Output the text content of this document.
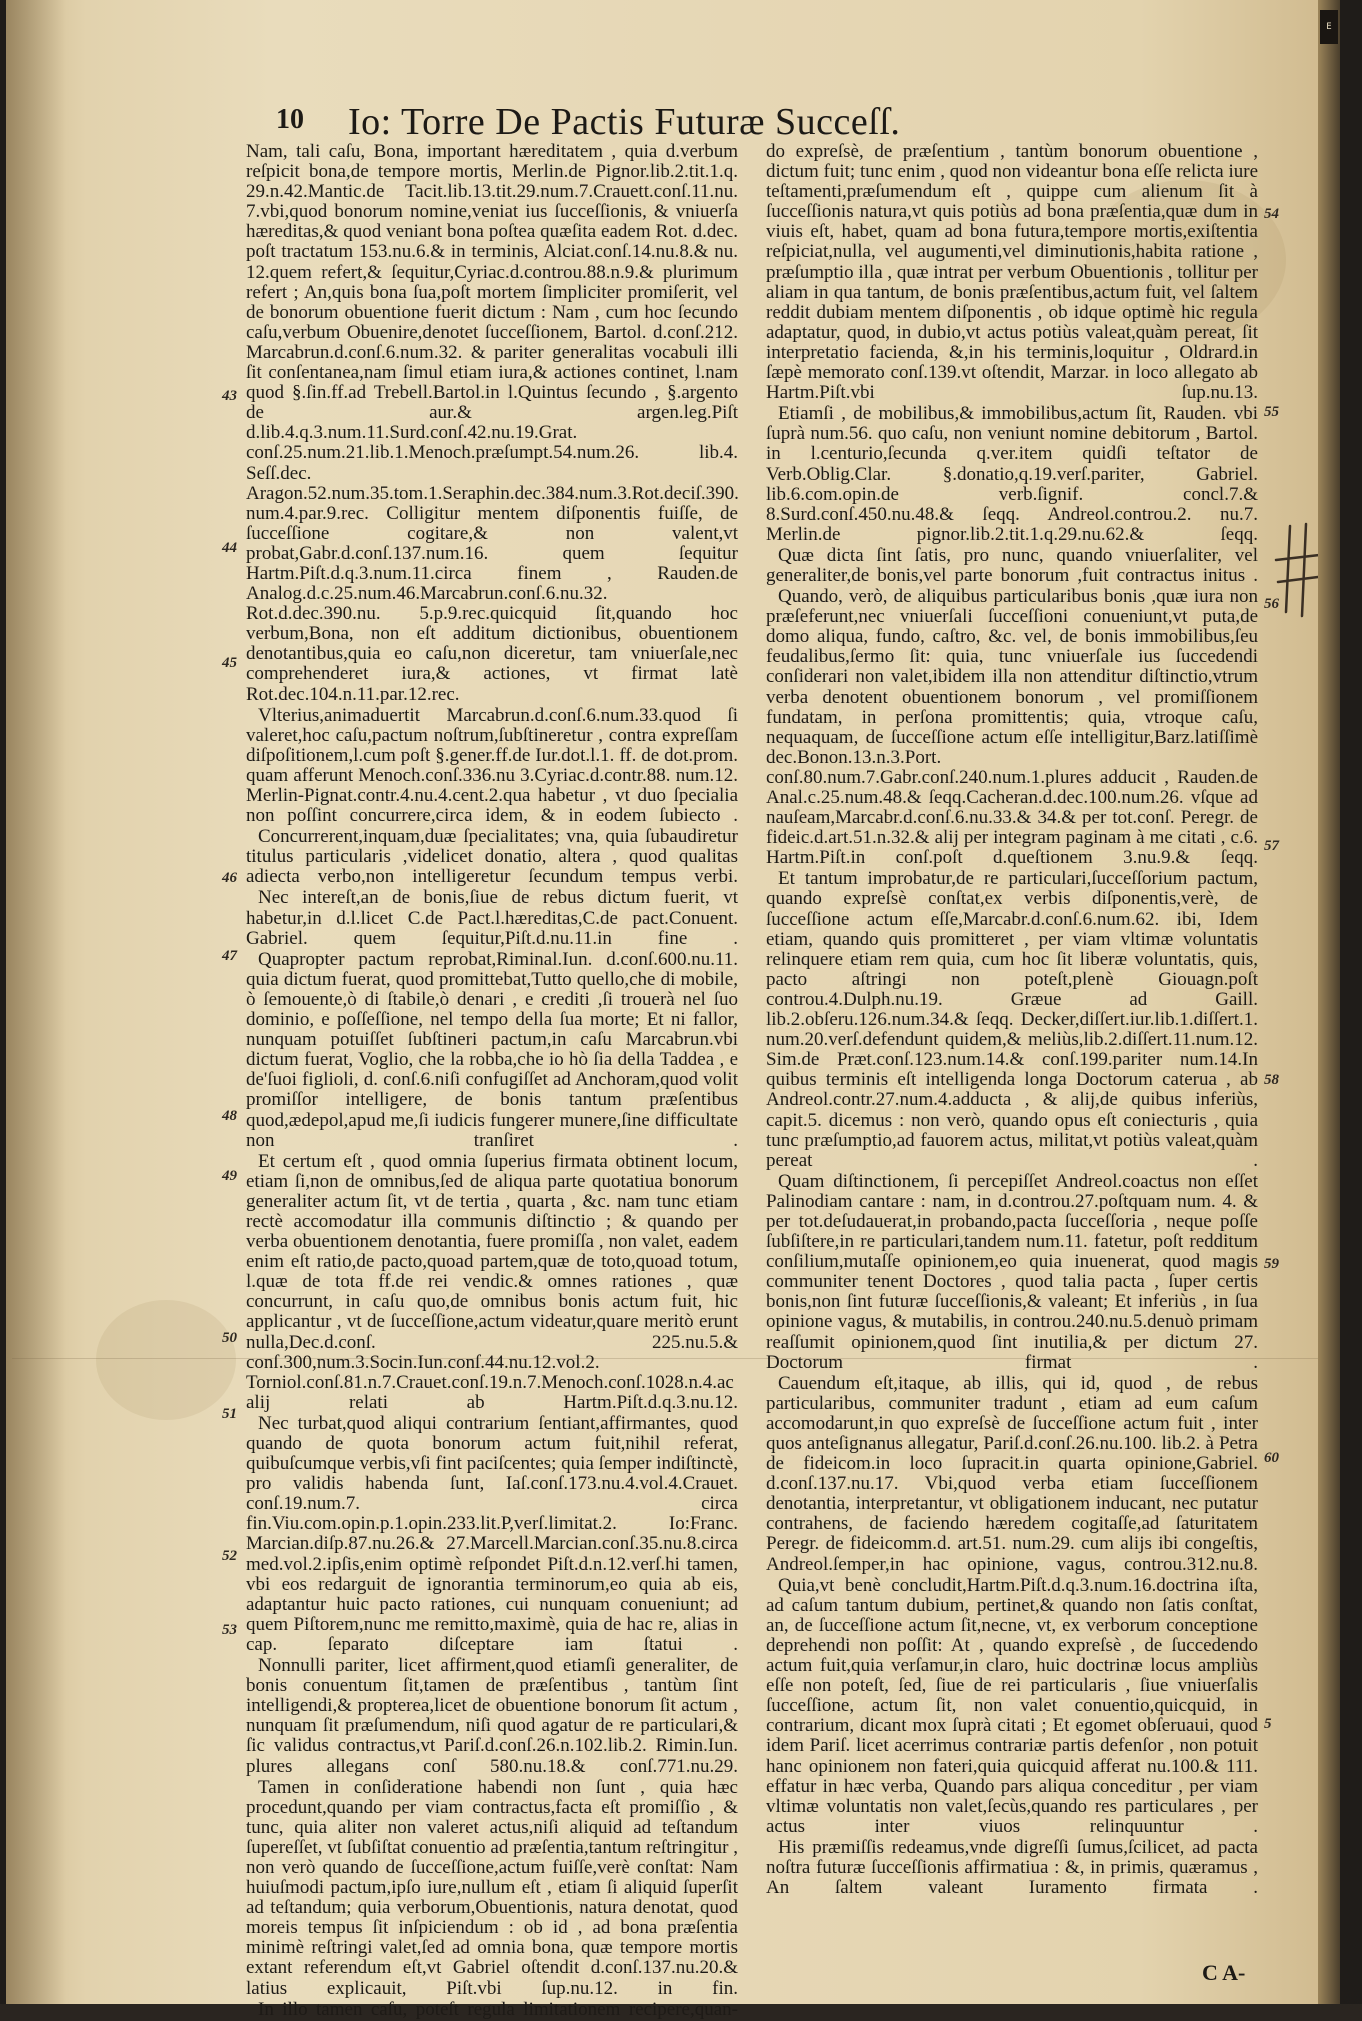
10 Io: Torre De Pactis Futuræ Succeſſ.

Nam, tali caſu, Bona, important hæreditatem , quia d.verbum reſpicit bona,de tempore mortis, Merlin.de Pignor.lib.2.tit.1.q. 29.n.42.Mantic.de Tacit.lib.13.tit.29.num.7.Crauett.conſ.11.nu. 7.vbi,quod bonorum nomine,veniat ius ſucceſſionis, & vniuerſa hæreditas,& quod veniant bona poſtea quæſita eadem Rot. d.dec. poſt tractatum 153.nu.6.& in terminis, Alciat.conſ.14.nu.8.& nu. 12.quem refert,& ſequitur,Cyriac.d.controu.88.n.9.& plurimum refert ; An,quis bona ſua,poſt mortem ſimpliciter promiſerit, vel de bonorum obuentione fuerit dictum : Nam , cum hoc ſecundo caſu,verbum Obuenire,denotet ſucceſſionem, Bartol. d.conſ.212. Marcabrun.d.conſ.6.num.32. & pariter generalitas vocabuli illi ſit conſentanea,nam ſimul etiam iura,& actiones continet, l.nam quod §.ſin.ff.ad Trebell.Bartol.in l.Quintus ſecundo , §.argento de aur.& argen.leg.Piſt d.lib.4.q.3.num.11.Surd.conſ.42.nu.19.Grat. conſ.25.num.21.lib.1.Menoch.præſumpt.54.num.26. lib.4. Seſſ.dec. Aragon.52.num.35.tom.1.Seraphin.dec.384.num.3.Rot.deciſ.390. num.4.par.9.rec. Colligitur mentem diſponentis fuiſſe, de ſucceſſione cogitare,& non valent,vt probat,Gabr.d.conſ.137.num.16. quem ſequitur Hartm.Piſt.d.q.3.num.11.circa finem , Rauden.de Analog.d.c.25.num.46.Marcabrun.conſ.6.nu.32. Rot.d.dec.390.nu. 5.p.9.rec.quicquid ſit,quando hoc verbum,Bona, non eſt additum dictionibus, obuentionem denotantibus,quia eo caſu,non diceretur, tam vniuerſale,nec comprehenderet iura,& actiones, vt firmat latè Rot.dec.104.n.11.par.12.rec.

Vlterius,animaduertit Marcabrun.d.conſ.6.num.33.quod ſi valeret,hoc caſu,pactum noſtrum,ſubſtineretur , contra expreſſam diſpoſitionem,l.cum poſt §.gener.ff.de Iur.dot.l.1. ff. de dot.prom. quam afferunt Menoch.conſ.336.nu 3.Cyriac.d.contr.88. num.12. Merlin-Pignat.contr.4.nu.4.cent.2.qua habetur , vt duo ſpecialia non poſſint concurrere,circa idem, & in eodem ſubiecto .

Concurrerent,inquam,duæ ſpecialitates; vna, quia ſubaudiretur titulus particularis ,videlicet donatio, altera , quod qualitas adiecta verbo,non intelligeretur ſecundum tempus verbi.

Nec intereſt,an de bonis,ſiue de rebus dictum fuerit, vt habetur,in d.l.licet C.de Pact.l.hæreditas,C.de pact.Conuent. Gabriel. quem ſequitur,Piſt.d.nu.11.in fine .

Quapropter pactum reprobat,Riminal.Iun. d.conſ.600.nu.11. quia dictum fuerat, quod promittebat,Tutto quello,che di mobile, ò ſemouente,ò di ſtabile,ò denari , e crediti ,ſi trouerà nel ſuo dominio, e poſſeſſione, nel tempo della ſua morte; Et ni fallor, nunquam potuiſſet ſubſtineri pactum,in caſu Marcabrun.vbi dictum fuerat, Voglio, che la robba,che io hò ſia della Taddea , e de'ſuoi figlioli, d. conſ.6.niſi confugiſſet ad Anchoram,quod volit promiſſor intelligere, de bonis tantum præſentibus quod,ædepol,apud me,ſi iudicis fungerer munere,ſine difficultate non tranſiret .

Et certum eſt , quod omnia ſuperius firmata obtinent locum, etiam ſi,non de omnibus,ſed de aliqua parte quotatiua bonorum generaliter actum ſit, vt de tertia , quarta , &c. nam tunc etiam rectè accomodatur illa communis diſtinctio ; & quando per verba obuentionem denotantia, fuere promiſſa , non valet, eadem enim eſt ratio,de pacto,quoad partem,quæ de toto,quoad totum, l.quæ de tota ff.de rei vendic.& omnes rationes , quæ concurrunt, in caſu quo,de omnibus bonis actum fuit, hic applicantur , vt de ſucceſſione,actum videatur,quare meritò erunt nulla,Dec.d.conſ. 225.nu.5.& conſ.300,num.3.Socin.Iun.conſ.44.nu.12.vol.2. Torniol.conſ.81.n.7.Crauet.conſ.19.n.7.Menoch.conſ.1028.n.4.ac alij relati ab Hartm.Piſt.d.q.3.nu.12.

Nec turbat,quod aliqui contrarium ſentiant,affirmantes, quod quando de quota bonorum actum fuit,nihil referat, quibuſcumque verbis,vſi fint paciſcentes; quia ſemper indiſtinctè, pro validis habenda ſunt, Iaſ.conſ.173.nu.4.vol.4.Crauet. conſ.19.num.7. circa fin.Viu.com.opin.p.1.opin.233.lit.P,verſ.limitat.2. Io:Franc. Marcian.diſp.87.nu.26.& 27.Marcell.Marcian.conſ.35.nu.8.circa med.vol.2.ipſis,enim optimè reſpondet Piſt.d.n.12.verſ.hi tamen, vbi eos redarguit de ignorantia terminorum,eo quia ab eis, adaptantur huic pacto rationes, cui nunquam conueniunt; ad quem Piſtorem,nunc me remitto,maximè, quia de hac re, alias in cap. ſeparato diſceptare iam ſtatui .

Nonnulli pariter, licet affirment,quod etiamſi generaliter, de bonis conuentum ſit,tamen de præſentibus , tantùm ſint intelligendi,& propterea,licet de obuentione bonorum ſit actum , nunquam ſit præſumendum, niſi quod agatur de re particulari,& ſic validus contractus,vt Pariſ.d.conſ.26.n.102.lib.2. Rimin.Iun. plures allegans conſ 580.nu.18.& conſ.771.nu.29.

Tamen in conſideratione habendi non ſunt , quia hæc procedunt,quando per viam contractus,facta eſt promiſſio , & tunc, quia aliter non valeret actus,niſi aliquid ad teſtandum ſupereſſet, vt ſubſiſtat conuentio ad præſentia,tantum reſtringitur , non verò quando de ſucceſſione,actum fuiſſe,verè conſtat: Nam huiuſmodi pactum,ipſo iure,nullum eſt , etiam ſi aliquid ſuperſit ad teſtandum; quia verborum,Obuentionis, natura denotat, quod moreis tempus ſit inſpiciendum : ob id , ad bona præſentia minimè reſtringi valet,ſed ad omnia bona, quæ tempore mortis extant referendum eſt,vt Gabriel oſtendit d.conſ.137.nu.20.& latius explicauit, Piſt.vbi ſup.nu.12. in fin.

In illo tamen caſu, poteſt regula limitationem recipere,quan-

do expreſsè, de præſentium , tantùm bonorum obuentione , dictum fuit; tunc enim , quod non videantur bona eſſe relicta iure teſtamenti,præſumendum eſt , quippe cum alienum ſit à ſucceſſionis natura,vt quis potiùs ad bona præſentia,quæ dum in viuis eſt, habet, quam ad bona futura,tempore mortis,exiſtentia reſpiciat,nulla, vel augumenti,vel diminutionis,habita ratione , præſumptio illa , quæ intrat per verbum Obuentionis , tollitur per aliam in qua tantum, de bonis præſentibus,actum fuit, vel ſaltem reddit dubiam mentem diſponentis , ob idque optimè hic regula adaptatur, quod, in dubio,vt actus potiùs valeat,quàm pereat, ſit interpretatio facienda, &,in his terminis,loquitur , Oldrard.in ſæpè memorato conſ.139.vt oſtendit, Marzar. in loco allegato ab Hartm.Piſt.vbi ſup.nu.13.

Etiamſi , de mobilibus,& immobilibus,actum ſit, Rauden. vbi ſuprà num.56. quo caſu, non veniunt nomine debitorum , Bartol. in l.centurio,ſecunda q.ver.item quidſi teſtator de Verb.Oblig.Clar. §.donatio,q.19.verſ.pariter, Gabriel. lib.6.com.opin.de verb.ſignif. concl.7.& 8.Surd.conſ.450.nu.48.& ſeqq. Andreol.controu.2. nu.7. Merlin.de pignor.lib.2.tit.1.q.29.nu.62.& ſeqq.

Quæ dicta ſint ſatis, pro nunc, quando vniuerſaliter, vel generaliter,de bonis,vel parte bonorum ,fuit contractus initus .

Quando, verò, de aliquibus particularibus bonis ,quæ iura non præſeferunt,nec vniuerſali ſucceſſioni conueniunt,vt puta,de domo aliqua, fundo, caſtro, &c. vel, de bonis immobilibus,ſeu feudalibus,ſermo ſit: quia, tunc vniuerſale ius ſuccedendi conſiderari non valet,ibidem illa non attenditur diſtinctio,vtrum verba denotent obuentionem bonorum , vel promiſſionem fundatam, in perſona promittentis; quia, vtroque caſu, nequaquam, de ſucceſſione actum eſſe intelligitur,Barz.latiſſimè dec.Bonon.13.n.3.Port. conſ.80.num.7.Gabr.conſ.240.num.1.plures adducit , Rauden.de Anal.c.25.num.48.& ſeqq.Cacheran.d.dec.100.num.26. vſque ad nauſeam,Marcabr.d.conſ.6.nu.33.& 34.& per tot.conſ. Peregr. de fideic.d.art.51.n.32.& alij per integram paginam à me citati , c.6. Hartm.Piſt.in conſ.poſt d.queſtionem 3.nu.9.& ſeqq.

Et tantum improbatur,de re particulari,ſucceſſorium pactum, quando expreſsè conſtat,ex verbis diſponentis,verè, de ſucceſſione actum eſſe,Marcabr.d.conſ.6.num.62. ibi, Idem etiam, quando quis promitteret , per viam vltimæ voluntatis relinquere etiam rem quia, cum hoc ſit liberæ voluntatis, quis, pacto aſtringi non poteſt,plenè Giouagn.poſt controu.4.Dulph.nu.19. Græue ad Gaill. lib.2.obſeru.126.num.34.& ſeqq. Decker,diſſert.iur.lib.1.diſſert.1. num.20.verſ.defendunt quidem,& meliùs,lib.2.diſſert.11.num.12. Sim.de Præt.conſ.123.num.14.& conſ.199.pariter num.14.In quibus terminis eſt intelligenda longa Doctorum caterua , ab Andreol.contr.27.num.4.adducta , & alij,de quibus inferiùs, capit.5. dicemus : non verò, quando opus eſt coniecturis , quia tunc præſumptio,ad fauorem actus, militat,vt potiùs valeat,quàm pereat .

Quam diſtinctionem, ſi percepiſſet Andreol.coactus non eſſet Palinodiam cantare : nam, in d.controu.27.poſtquam num. 4. & per tot.deſudauerat,in probando,pacta ſucceſſoria , neque poſſe ſubſiſtere,in re particulari,tandem num.11. fatetur, poſt redditum conſilium,mutaſſe opinionem,eo quia inuenerat, quod magis communiter tenent Doctores , quod talia pacta , ſuper certis bonis,non ſint futuræ ſucceſſionis,& valeant; Et inferiùs , in ſua opinione vagus, & mutabilis, in controu.240.nu.5.denuò primam reaſſumit opinionem,quod ſint inutilia,& per dictum 27. Doctorum firmat .

Cauendum eſt,itaque, ab illis, qui id, quod , de rebus particularibus, communiter tradunt , etiam ad eum caſum accomodarunt,in quo expreſsè de ſucceſſione actum fuit , inter quos anteſignanus allegatur, Pariſ.d.conſ.26.nu.100. lib.2. à Petra de fideicom.in loco ſupracit.in quarta opinione,Gabriel. d.conſ.137.nu.17. Vbi,quod verba etiam ſucceſſionem denotantia, interpretantur, vt obligationem inducant, nec putatur contrahens, de faciendo hæredem cogitaſſe,ad ſaturitatem Peregr. de fideicomm.d. art.51. num.29. cum alijs ibi congeſtis, Andreol.ſemper,in hac opinione, vagus, controu.312.nu.8.

Quia,vt benè concludit,Hartm.Piſt.d.q.3.num.16.doctrina iſta, ad caſum tantum dubium, pertinet,& quando non ſatis conſtat, an, de ſucceſſione actum ſit,necne, vt, ex verborum conceptione deprehendi non poſſit: At , quando expreſsè , de ſuccedendo actum fuit,quia verſamur,in claro, huic doctrinæ locus ampliùs eſſe non poteſt, ſed, ſiue de rei particularis , ſiue vniuerſalis ſucceſſione, actum ſit, non valet conuentio,quicquid, in contrarium, dicant mox ſuprà citati ; Et egomet obſeruaui, quod idem Pariſ. licet acerrimus contrariæ partis defenſor , non potuit hanc opinionem non fateri,quia quicquid afferat nu.100.& 111. effatur in hæc verba, Quando pars aliqua conceditur , per viam vltimæ voluntatis non valet,ſecùs,quando res particulares , per actus inter viuos relinquuntur .

His præmiſſis redeamus,vnde digreſſi ſumus,ſcilicet, ad pacta noſtra futuræ ſucceſſionis affirmatiua : &, in primis, quæramus , An ſaltem valeant Iuramento firmata .

43
44
45
46
47
48
49
50
51
52
53
54
55
56
57
58
59
60
5
C A-
E
